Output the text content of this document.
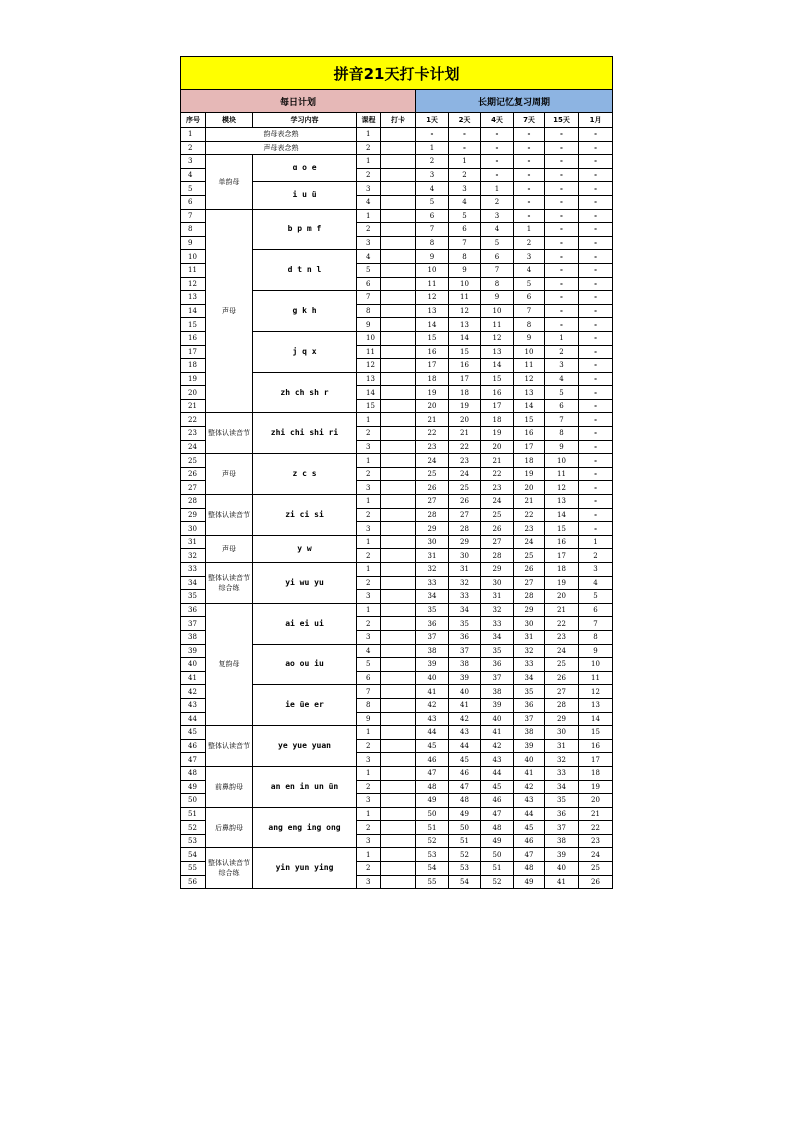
拼音21天打卡计划										
每日计划					长期记忆复习周期					
序号	模块	学习内容	课程	打卡	1天	2天	4天	7天	15天	1月
1	韵母表念熟		1		-	-	-	-	-	-
2	声母表念熟		2		1	-	-	-	-	-
3	单韵母	ɑ o e	1		2	1	-	-	-	-
4			2		3	2	-	-	-	-
5		i u ü	3		4	3	1	-	-	-
6			4		5	4	2	-	-	-
7	声母	b p m f	1		6	5	3	-	-	-
8			2		7	6	4	1	-	-
9			3		8	7	5	2	-	-
10		d t n l	4		9	8	6	3	-	-
11			5		10	9	7	4	-	-
12			6		11	10	8	5	-	-
13		g k h	7		12	11	9	6	-	-
14			8		13	12	10	7	-	-
15			9		14	13	11	8	-	-
16		j q x	10		15	14	12	9	1	-
17			11		16	15	13	10	2	-
18			12		17	16	14	11	3	-
19		zh ch sh r	13		18	17	15	12	4	-
20			14		19	18	16	13	5	-
21			15		20	19	17	14	6	-
22	整体认读音节	zhi chi shi ri	1		21	20	18	15	7	-
23			2		22	21	19	16	8	-
24			3		23	22	20	17	9	-
25	声母	z c s	1		24	23	21	18	10	-
26			2		25	24	22	19	11	-
27			3		26	25	23	20	12	-
28	整体认读音节	zi ci si	1		27	26	24	21	13	-
29			2		28	27	25	22	14	-
30			3		29	28	26	23	15	-
31	声母	y w	1		30	29	27	24	16	1
32			2		31	30	28	25	17	2
33	整体认读音节
综合练	yi wu yu	1		32	31	29	26	18	3
34			2		33	32	30	27	19	4
35			3		34	33	31	28	20	5
36	复韵母	ai ei ui	1		35	34	32	29	21	6
37			2		36	35	33	30	22	7
38			3		37	36	34	31	23	8
39		ao ou iu	4		38	37	35	32	24	9
40			5		39	38	36	33	25	10
41			6		40	39	37	34	26	11
42		ie üe er	7		41	40	38	35	27	12
43			8		42	41	39	36	28	13
44			9		43	42	40	37	29	14
45	整体认读音节	ye yue yuan	1		44	43	41	38	30	15
46			2		45	44	42	39	31	16
47			3		46	45	43	40	32	17
48	前鼻韵母	an en in un ün	1		47	46	44	41	33	18
49			2		48	47	45	42	34	19
50			3		49	48	46	43	35	20
51	后鼻韵母	ang eng ing ong	1		50	49	47	44	36	21
52			2		51	50	48	45	37	22
53			3		52	51	49	46	38	23
54	整体认读音节综合练	yin yun ying	1		53	52	50	47	39	24
55			2		54	53	51	48	40	25
56			3		55	54	52	49	41	26
